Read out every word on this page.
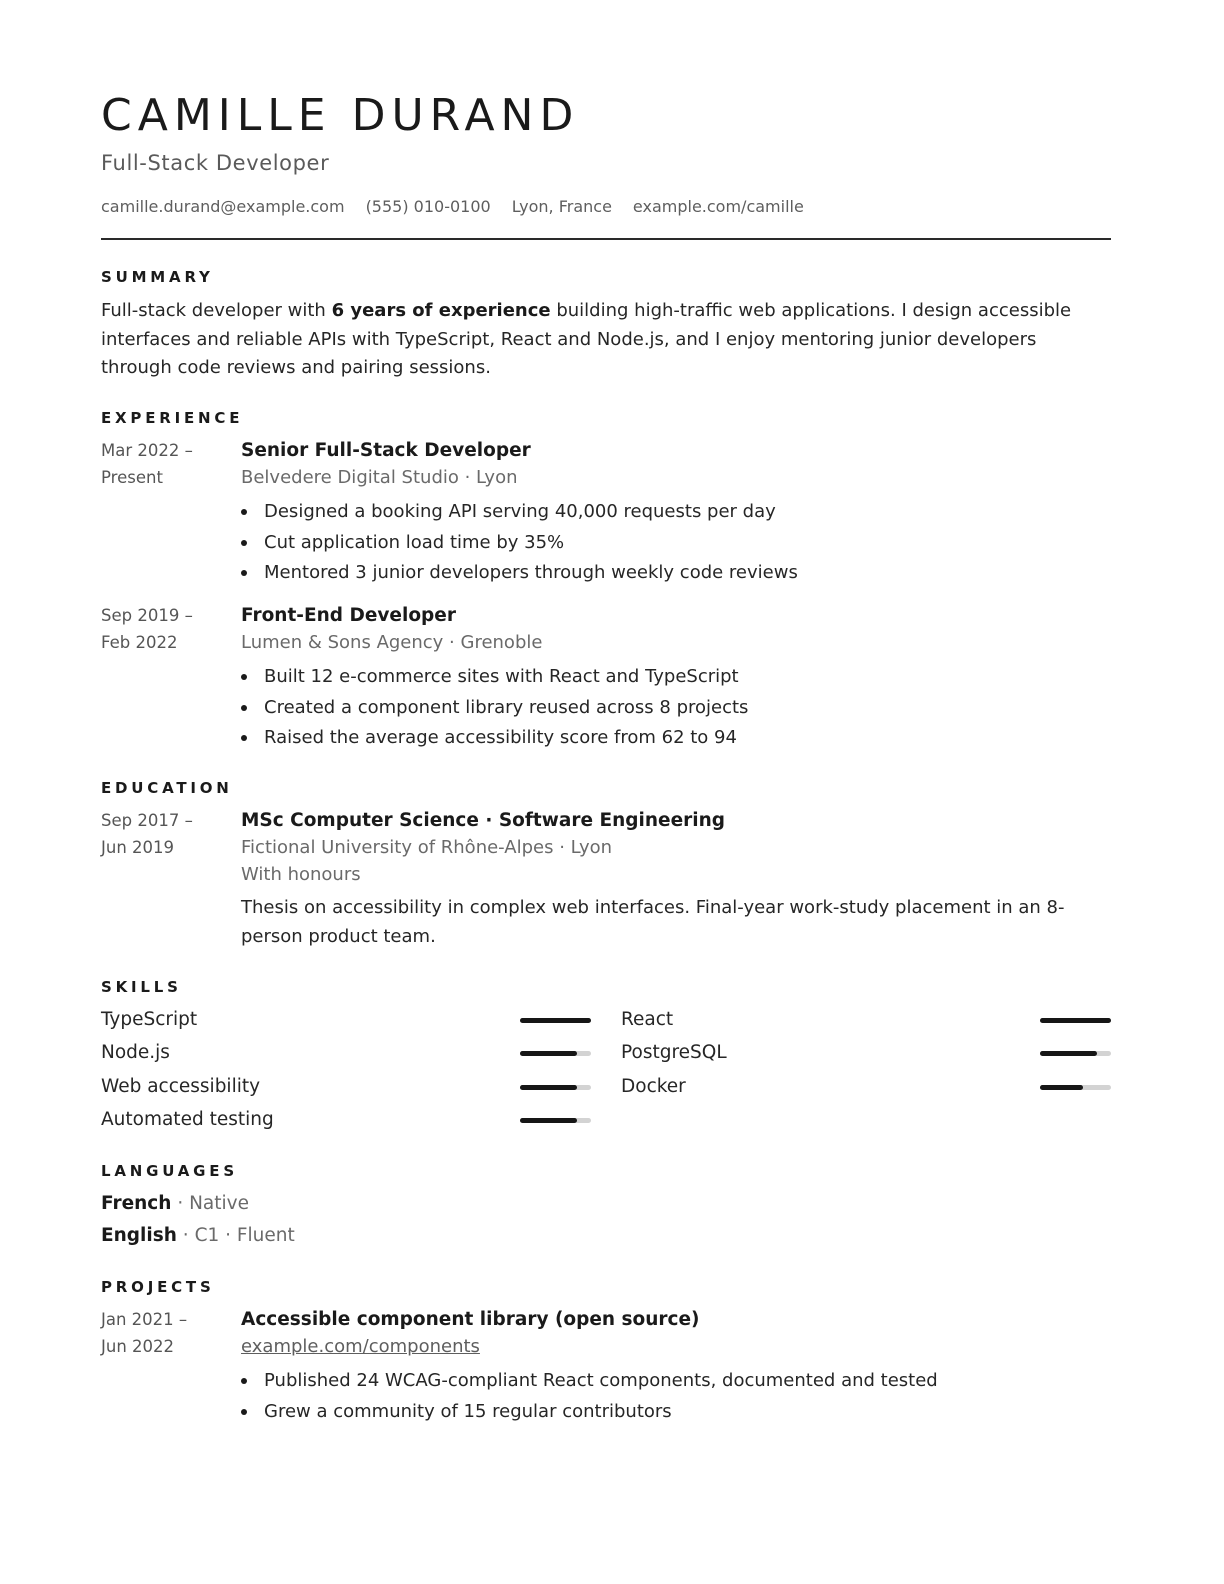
CAMILLE DURAND
Full-Stack Developer
camille.durand@example.com (555) 010-0100 Lyon, France example.com/camille
SUMMARY
Full-stack developer with 6 years of experience building high-traffic web applications. I design accessible interfaces and reliable APIs with TypeScript, React and Node.js, and I enjoy mentoring junior developers through code reviews and pairing sessions.
EXPERIENCE
Mar 2022 –
Present
Senior Full-Stack Developer
Belvedere Digital Studio · Lyon
Designed a booking API serving 40,000 requests per day
Cut application load time by 35%
Mentored 3 junior developers through weekly code reviews
Sep 2019 –
Feb 2022
Front-End Developer
Lumen & Sons Agency · Grenoble
Built 12 e-commerce sites with React and TypeScript
Created a component library reused across 8 projects
Raised the average accessibility score from 62 to 94
EDUCATION
Sep 2017 –
Jun 2019
MSc Computer Science · Software Engineering
Fictional University of Rhône-Alpes · Lyon
With honours
Thesis on accessibility in complex web interfaces. Final-year work-study placement in an 8-person product team.
SKILLS
TypeScript	React
Node.js	PostgreSQL
Web accessibility	Docker
Automated testing
LANGUAGES
French · Native
English · C1 · Fluent
PROJECTS
Jan 2021 –
Jun 2022
Accessible component library (open source)
example.com/components
Published 24 WCAG-compliant React components, documented and tested
Grew a community of 15 regular contributors
